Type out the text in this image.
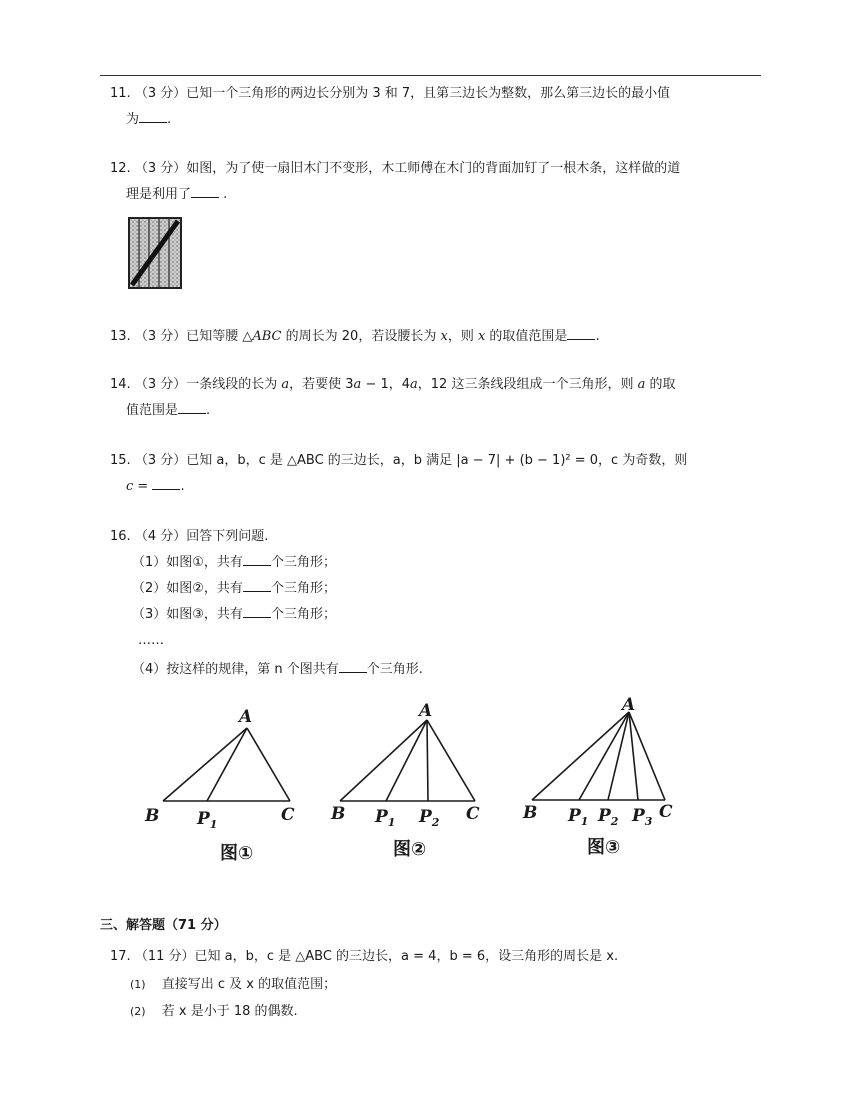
11. （3 分）已知一个三角形的两边长分别为 3 和 7，且第三边长为整数，那么第三边长的最小值
为 .
12. （3 分）如图，为了使一扇旧木门不变形，木工师傅在木门的背面加钉了一根木条，这样做的道
理是利用了 .
13. （3 分）已知等腰 △ABC 的周长为 20，若设腰长为 x，则 x 的取值范围是 .
14. （3 分）一条线段的长为 a，若要使 3a − 1，4a，12 这三条线段组成一个三角形，则 a 的取
值范围是 .
15. （3 分）已知 a，b，c 是 △ABC 的三边长，a，b 满足 |a − 7| + (b − 1)² = 0，c 为奇数，则
c = .
16. （4 分）回答下列问题.
（1）如图①，共有 个三角形；
（2）如图②，共有 个三角形；
（3）如图③，共有 个三角形；
……
（4）按这样的规律，第 n 个图共有 个三角形.
A
B $P_1$	C
图①
A
B $P_1$ $P_2$ C
图②
A
B $P_1$ $P_2$ $P_3$ C
图③
三、解答题（71 分）
17. （11 分）已知 a，b，c 是 △ABC 的三边长，a = 4，b = 6，设三角形的周长是 x.
(1) 直接写出 c 及 x 的取值范围；
(2) 若 x 是小于 18 的偶数.
